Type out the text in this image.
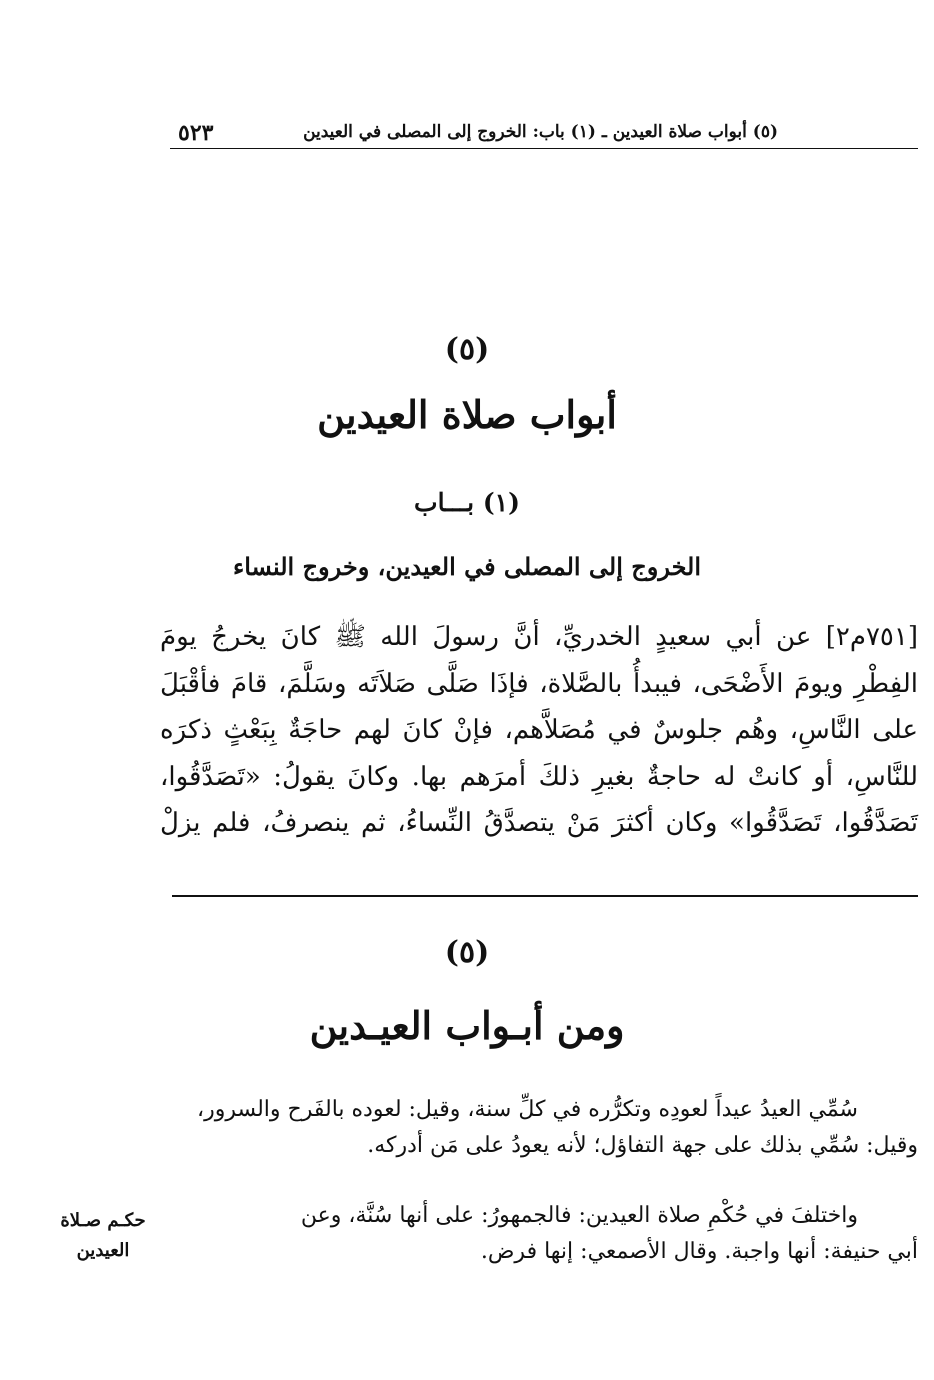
٥٢٣	(٥) أبواب صلاة العيدين ـ (١) باب: الخروج إلى المصلى في العيدين
(٥)
أبواب صلاة العيدين
(١) بـــاب
الخروج إلى المصلى في العيدين، وخروج النساء
[٧٥١م٢] عن أبي سعيدٍ الخدريِّ، أنَّ رسولَ الله ﷺ كانَ يخرجُ يومَ
الفِطْرِ ويومَ الأَضْحَى، فيبدأُ بالصَّلاة، فإذَا صَلَّى صَلاَتَه وسَلَّمَ، قامَ فأقْبَلَ
على النَّاسِ، وهُم جلوسٌ في مُصَلاَّهم، فإنْ كانَ لهم حاجَةٌ بِبَعْثٍ ذكرَه
للنَّاسِ، أو كانتْ له حاجةٌ بغيرِ ذلكَ أمرَهم بها. وكانَ يقولُ: «تَصَدَّقُوا،
تَصَدَّقُوا، تَصَدَّقُوا» وكان أكثرَ مَنْ يتصدَّقُ النِّساءُ، ثم ينصرفُ، فلم يزلْ
(٥)
ومن أبـواب العيـدين
سُمِّي العيدُ عيداً لعودِه وتكرُّره في كلِّ سنة، وقيل: لعوده بالفَرح والسرور،
وقيل: سُمِّي بذلك على جهة التفاؤل؛ لأنه يعودُ على مَن أدركه.
واختلفَ في حُكْمِ صلاة العيدين: فالجمهورُ: على أنها سُنَّة، وعن
أبي حنيفة: أنها واجبة. وقال الأصمعي: إنها فرض.
حكـم صـلاة العيدين
